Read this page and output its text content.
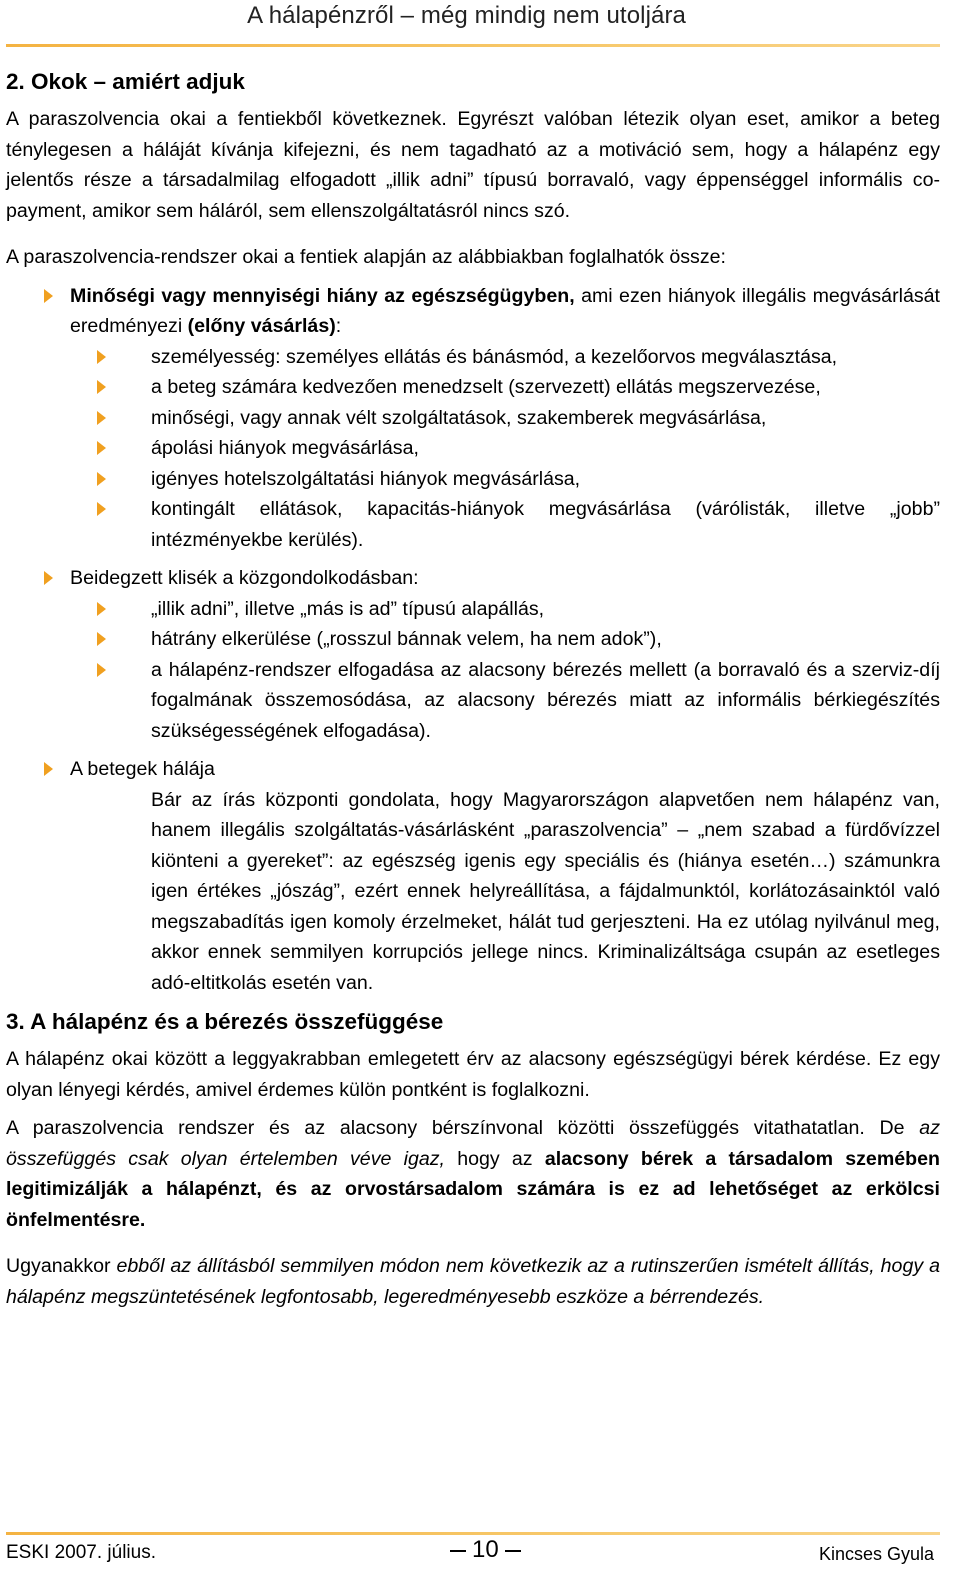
A hálapénzről – még mindig nem utoljára
2. Okok – amiért adjuk

A paraszolvencia okai a fentiekből következnek. Egyrészt valóban létezik olyan eset, amikor a beteg ténylegesen a háláját kívánja kifejezni, és nem tagadható az a motiváció sem, hogy a hálapénz egy jelentős része a társadalmilag elfogadott „illik adni” típusú borravaló, vagy éppenséggel informális co-payment, amikor sem háláról, sem ellenszolgáltatásról nincs szó.

A paraszolvencia-rendszer okai a fentiek alapján az alábbiakban foglalhatók össze:

Minőségi vagy mennyiségi hiány az egészségügyben, ami ezen hiányok illegális megvásárlását eredményezi (előny vásárlás):
személyesség: személyes ellátás és bánásmód, a kezelőorvos megválasztása,
a beteg számára kedvezően menedzselt (szervezett) ellátás megszervezése,
minőségi, vagy annak vélt szolgáltatások, szakemberek megvásárlása,
ápolási hiányok megvásárlása,
igényes hotelszolgáltatási hiányok megvásárlása,
kontingált ellátások, kapacitás-hiányok megvásárlása (várólisták, illetve „jobb” intézményekbe kerülés).
Beidegzett klisék a közgondolkodásban:
„illik adni”, illetve „más is ad” típusú alapállás,
hátrány elkerülése („rosszul bánnak velem, ha nem adok”),
a hálapénz-rendszer elfogadása az alacsony bérezés mellett (a borravaló és a szerviz-díj fogalmának összemosódása, az alacsony bérezés miatt az informális bérkiegészítés szükségességének elfogadása).
A betegek hálája

Bár az írás központi gondolata, hogy Magyarországon alapvetően nem hálapénz van, hanem illegális szolgáltatás-vásárlásként „paraszolvencia” – „nem szabad a fürdővízzel kiönteni a gyereket”: az egészség igenis egy speciális és (hiánya esetén…) számunkra igen értékes „jószág”, ezért ennek helyreállítása, a fájdalmunktól, korlátozásainktól való megszabadítás igen komoly érzelmeket, hálát tud gerjeszteni. Ha ez utólag nyilvánul meg, akkor ennek semmilyen korrupciós jellege nincs. Kriminalizáltsága csupán az esetleges adó-eltitkolás esetén van.

3. A hálapénz és a bérezés összefüggése

A hálapénz okai között a leggyakrabban emlegetett érv az alacsony egészségügyi bérek kérdése. Ez egy olyan lényegi kérdés, amivel érdemes külön pontként is foglalkozni.

A paraszolvencia rendszer és az alacsony bérszínvonal közötti összefüggés vitathatatlan. De az összefüggés csak olyan értelemben véve igaz, hogy az alacsony bérek a társadalom szemében legitimizálják a hálapénzt, és az orvostársadalom számára is ez ad lehetőséget az erkölcsi önfelmentésre.

Ugyanakkor ebből az állításból semmilyen módon nem következik az a rutinszerűen ismételt állítás, hogy a hálapénz megszüntetésének legfontosabb, legeredményesebb eszköze a bérrendezés.

ESKI 2007. július.	10	Kincses Gyula
